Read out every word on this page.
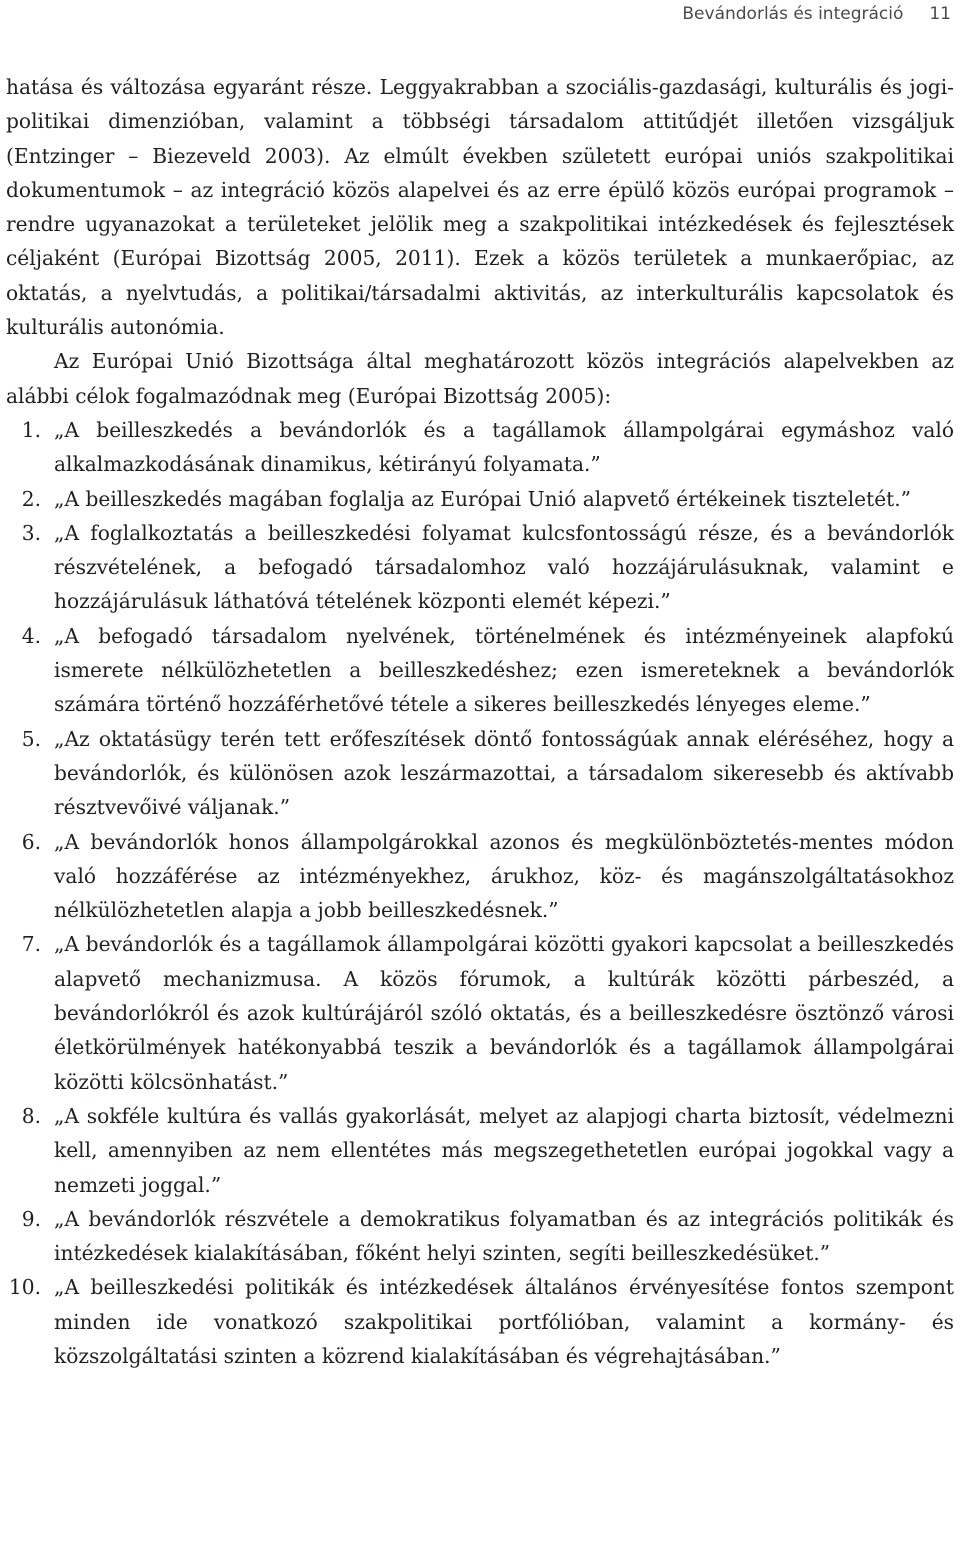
Bevándorlás és integráció 11

hatása és változása egyaránt része. Leggyakrabban a szociális-gazdasági, kulturális és jogi-politikai dimenzióban, valamint a többségi társadalom attitűdjét illetően vizsgáljuk (Entzinger – Biezeveld 2003). Az elmúlt években született európai uniós szakpolitikai dokumentumok – az integráció közös alapelvei és az erre épülő közös európai programok – rendre ugyanazokat a területeket jelölik meg a szakpolitikai intézkedések és fejlesztések céljaként (Európai Bizottság 2005, 2011). Ezek a közös területek a munkaerőpiac, az oktatás, a nyelvtudás, a politikai/társadalmi aktivitás, az interkulturális kapcsolatok és kulturális autonómia.

Az Európai Unió Bizottsága által meghatározott közös integrációs alapelvekben az alábbi célok fogalmazódnak meg (Európai Bizottság 2005):

1. „A beilleszkedés a bevándorlók és a tagállamok állampolgárai egymáshoz való alkalmazkodásának dinamikus, kétirányú folyamata.”
2. „A beilleszkedés magában foglalja az Európai Unió alapvető értékeinek tiszteletét.”
3. „A foglalkoztatás a beilleszkedési folyamat kulcsfontosságú része, és a bevándorlók részvételének, a befogadó társadalomhoz való hozzájárulásuknak, valamint e hozzájárulásuk láthatóvá tételének központi elemét képezi.”
4. „A befogadó társadalom nyelvének, történelmének és intézményeinek alapfokú ismerete nélkülözhetetlen a beilleszkedéshez; ezen ismereteknek a bevándorlók számára történő hozzáférhetővé tétele a sikeres beilleszkedés lényeges eleme.”
5. „Az oktatásügy terén tett erőfeszítések döntő fontosságúak annak eléréséhez, hogy a bevándorlók, és különösen azok leszármazottai, a társadalom sikeresebb és aktívabb résztvevőivé váljanak.”
6. „A bevándorlók honos állampolgárokkal azonos és megkülönböztetés-mentes módon való hozzáférése az intézményekhez, árukhoz, köz- és magánszolgáltatásokhoz nélkülözhetetlen alapja a jobb beilleszkedésnek.”
7. „A bevándorlók és a tagállamok állampolgárai közötti gyakori kapcsolat a beilleszkedés alapvető mechanizmusa. A közös fórumok, a kultúrák közötti párbeszéd, a bevándorlókról és azok kultúrájáról szóló oktatás, és a beilleszkedésre ösztönző városi életkörülmények hatékonyabbá teszik a bevándorlók és a tagállamok állampolgárai közötti kölcsönhatást.”
8. „A sokféle kultúra és vallás gyakorlását, melyet az alapjogi charta biztosít, védelmezni kell, amennyiben az nem ellentétes más megszegethetetlen európai jogokkal vagy a nemzeti joggal.”
9. „A bevándorlók részvétele a demokratikus folyamatban és az integrációs politikák és intézkedések kialakításában, főként helyi szinten, segíti beilleszkedésüket.”
10. „A beilleszkedési politikák és intézkedések általános érvényesítése fontos szempont minden ide vonatkozó szakpolitikai portfólióban, valamint a kormány- és közszolgáltatási szinten a közrend kialakításában és végrehajtásában.”
